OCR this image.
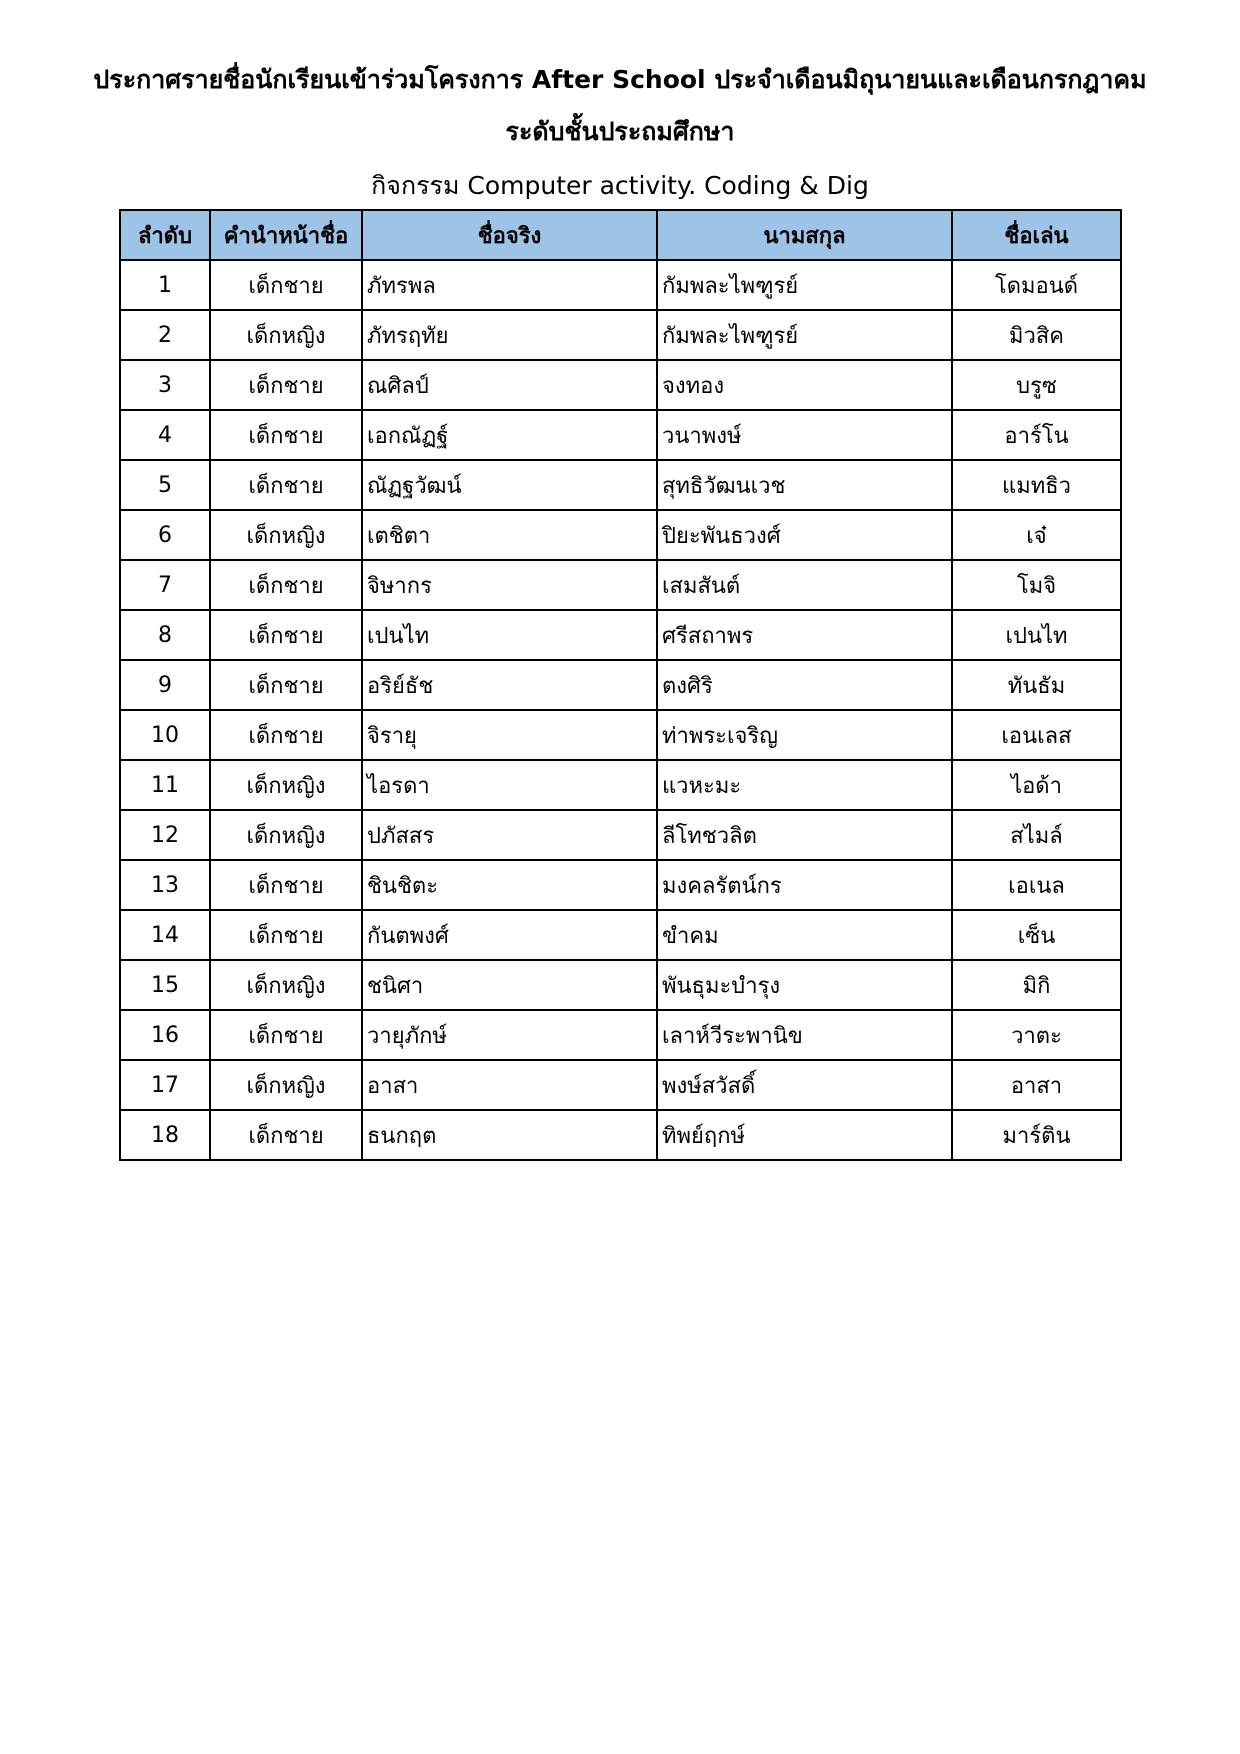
ประกาศรายชื่อนักเรียนเข้าร่วมโครงการ After School ประจำเดือนมิถุนายนและเดือนกรกฎาคม
ระดับชั้นประถมศึกษา
กิจกรรม Computer activity. Coding & Dig
ลำดับ	คำนำหน้าชื่อ	ชื่อจริง	นามสกุล	ชื่อเล่น
1	เด็กชาย	ภัทรพล	กัมพละไพฑูรย์	โดมอนด์
2	เด็กหญิง	ภัทรฤทัย	กัมพละไพฑูรย์	มิวสิค
3	เด็กชาย	ณศิลป์	จงทอง	บรูซ
4	เด็กชาย	เอกณัฏฐ์	วนาพงษ์	อาร์โน
5	เด็กชาย	ณัฏฐวัฒน์	สุทธิวัฒนเวช	แมทธิว
6	เด็กหญิง	เตชิตา	ปิยะพันธวงศ์	เจ๋
7	เด็กชาย	จิษากร	เสมสันต์	โมจิ
8	เด็กชาย	เปนไท	ศรีสถาพร	เปนไท
9	เด็กชาย	อริย์ธัช	ตงศิริ	ทันธัม
10	เด็กชาย	จิรายุ	ท่าพระเจริญ	เอนเลส
11	เด็กหญิง	ไอรดา	แวหะมะ	ไอด้า
12	เด็กหญิง	ปภัสสร	ลีโทชวลิต	สไมล์
13	เด็กชาย	ชินชิตะ	มงคลรัตน์กร	เอเนล
14	เด็กชาย	กันตพงศ์	ขำคม	เซ็น
15	เด็กหญิง	ชนิศา	พันธุมะบำรุง	มิกิ
16	เด็กชาย	วายุภักษ์	เลาห์วีระพานิข	วาตะ
17	เด็กหญิง	อาสา	พงษ์สวัสดิ์	อาสา
18	เด็กชาย	ธนกฤต	ทิพย์ฤกษ์	มาร์ติน
